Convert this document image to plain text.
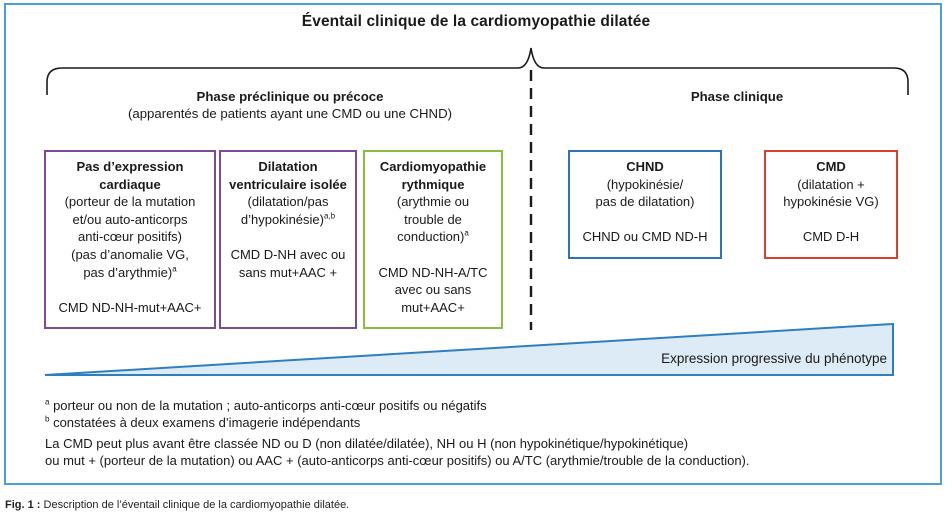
Éventail clinique de la cardiomyopathie dilatée
Phase préclinique ou précoce
(apparentés de patients ayant une CMD ou une CHND)
Phase clinique
Pas d’expression cardiaque
(porteur de la mutation
et/ou auto-anticorps
anti-cœur positifs)
(pas d’anomalie VG,
pas d’arythmie)$^a$
CMD ND-NH-mut+AAC+
Dilatation ventriculaire isolée
(dilatation/pas
d’hypokinésie)$^{a,b}$
CMD D-NH avec ou sans mut+AAC +
Cardiomyopathie rythmique
(arythmie ou
trouble de
conduction)$^a$
CMD ND-NH-A/TC avec ou sans mut+AAC+
CHND
(hypokinésie/
pas de dilatation)
CHND ou CMD ND-H
CMD
(dilatation +
hypokinésie VG)
CMD D-H
Expression progressive du phénotype

$^a$ porteur ou non de la mutation ; auto-anticorps anti-cœur positifs ou négatifs

$^b$ constatées à deux examens d’imagerie indépendants

La CMD peut plus avant être classée ND ou D (non dilatée/dilatée), NH ou H (non hypokinétique/hypokinétique)

ou mut + (porteur de la mutation) ou AAC + (auto-anticorps anti-cœur positifs) ou A/TC (arythmie/trouble de la conduction).

Fig. 1 : Description de l’éventail clinique de la cardiomyopathie dilatée.
